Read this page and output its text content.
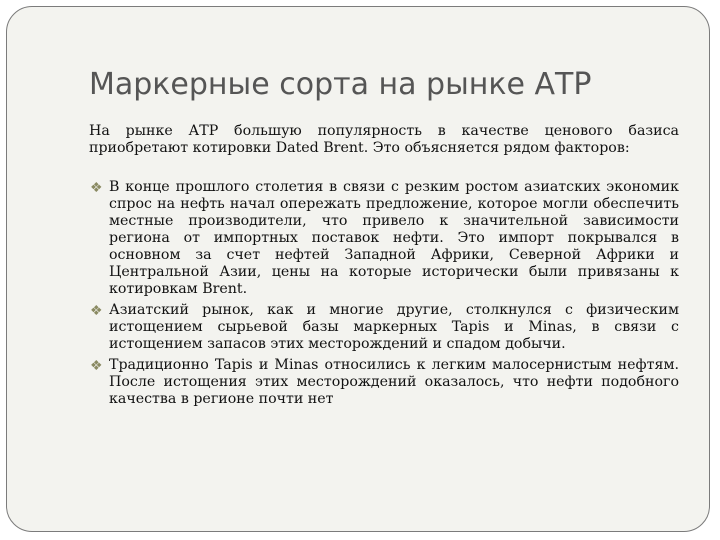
Маркерные сорта на рынке АТР

На рынке АТР большую популярность в качестве ценового базиса приобретают котировки Dated Brent. Это объясняется рядом факторов:

❖ В конце прошлого столетия в связи с резким ростом азиатских экономик спрос на нефть начал опережать предложение, которое могли обеспечить местные производители, что привело к значительной зависимости региона от импортных поставок нефти. Это импорт покрывался в основном за счет нефтей Западной Африки, Северной Африки и Центральной Азии, цены на которые исторически были привязаны к котировкам Brent.
❖ Азиатский рынок, как и многие другие, столкнулся с физическим истощением сырьевой базы маркерных Tapis и Minas, в связи с истощением запасов этих месторождений и спадом добычи.
❖ Традиционно Tapis и Minas относились к легким малосернистым нефтям. После истощения этих месторождений оказалось, что нефти подобного качества в регионе почти нет
